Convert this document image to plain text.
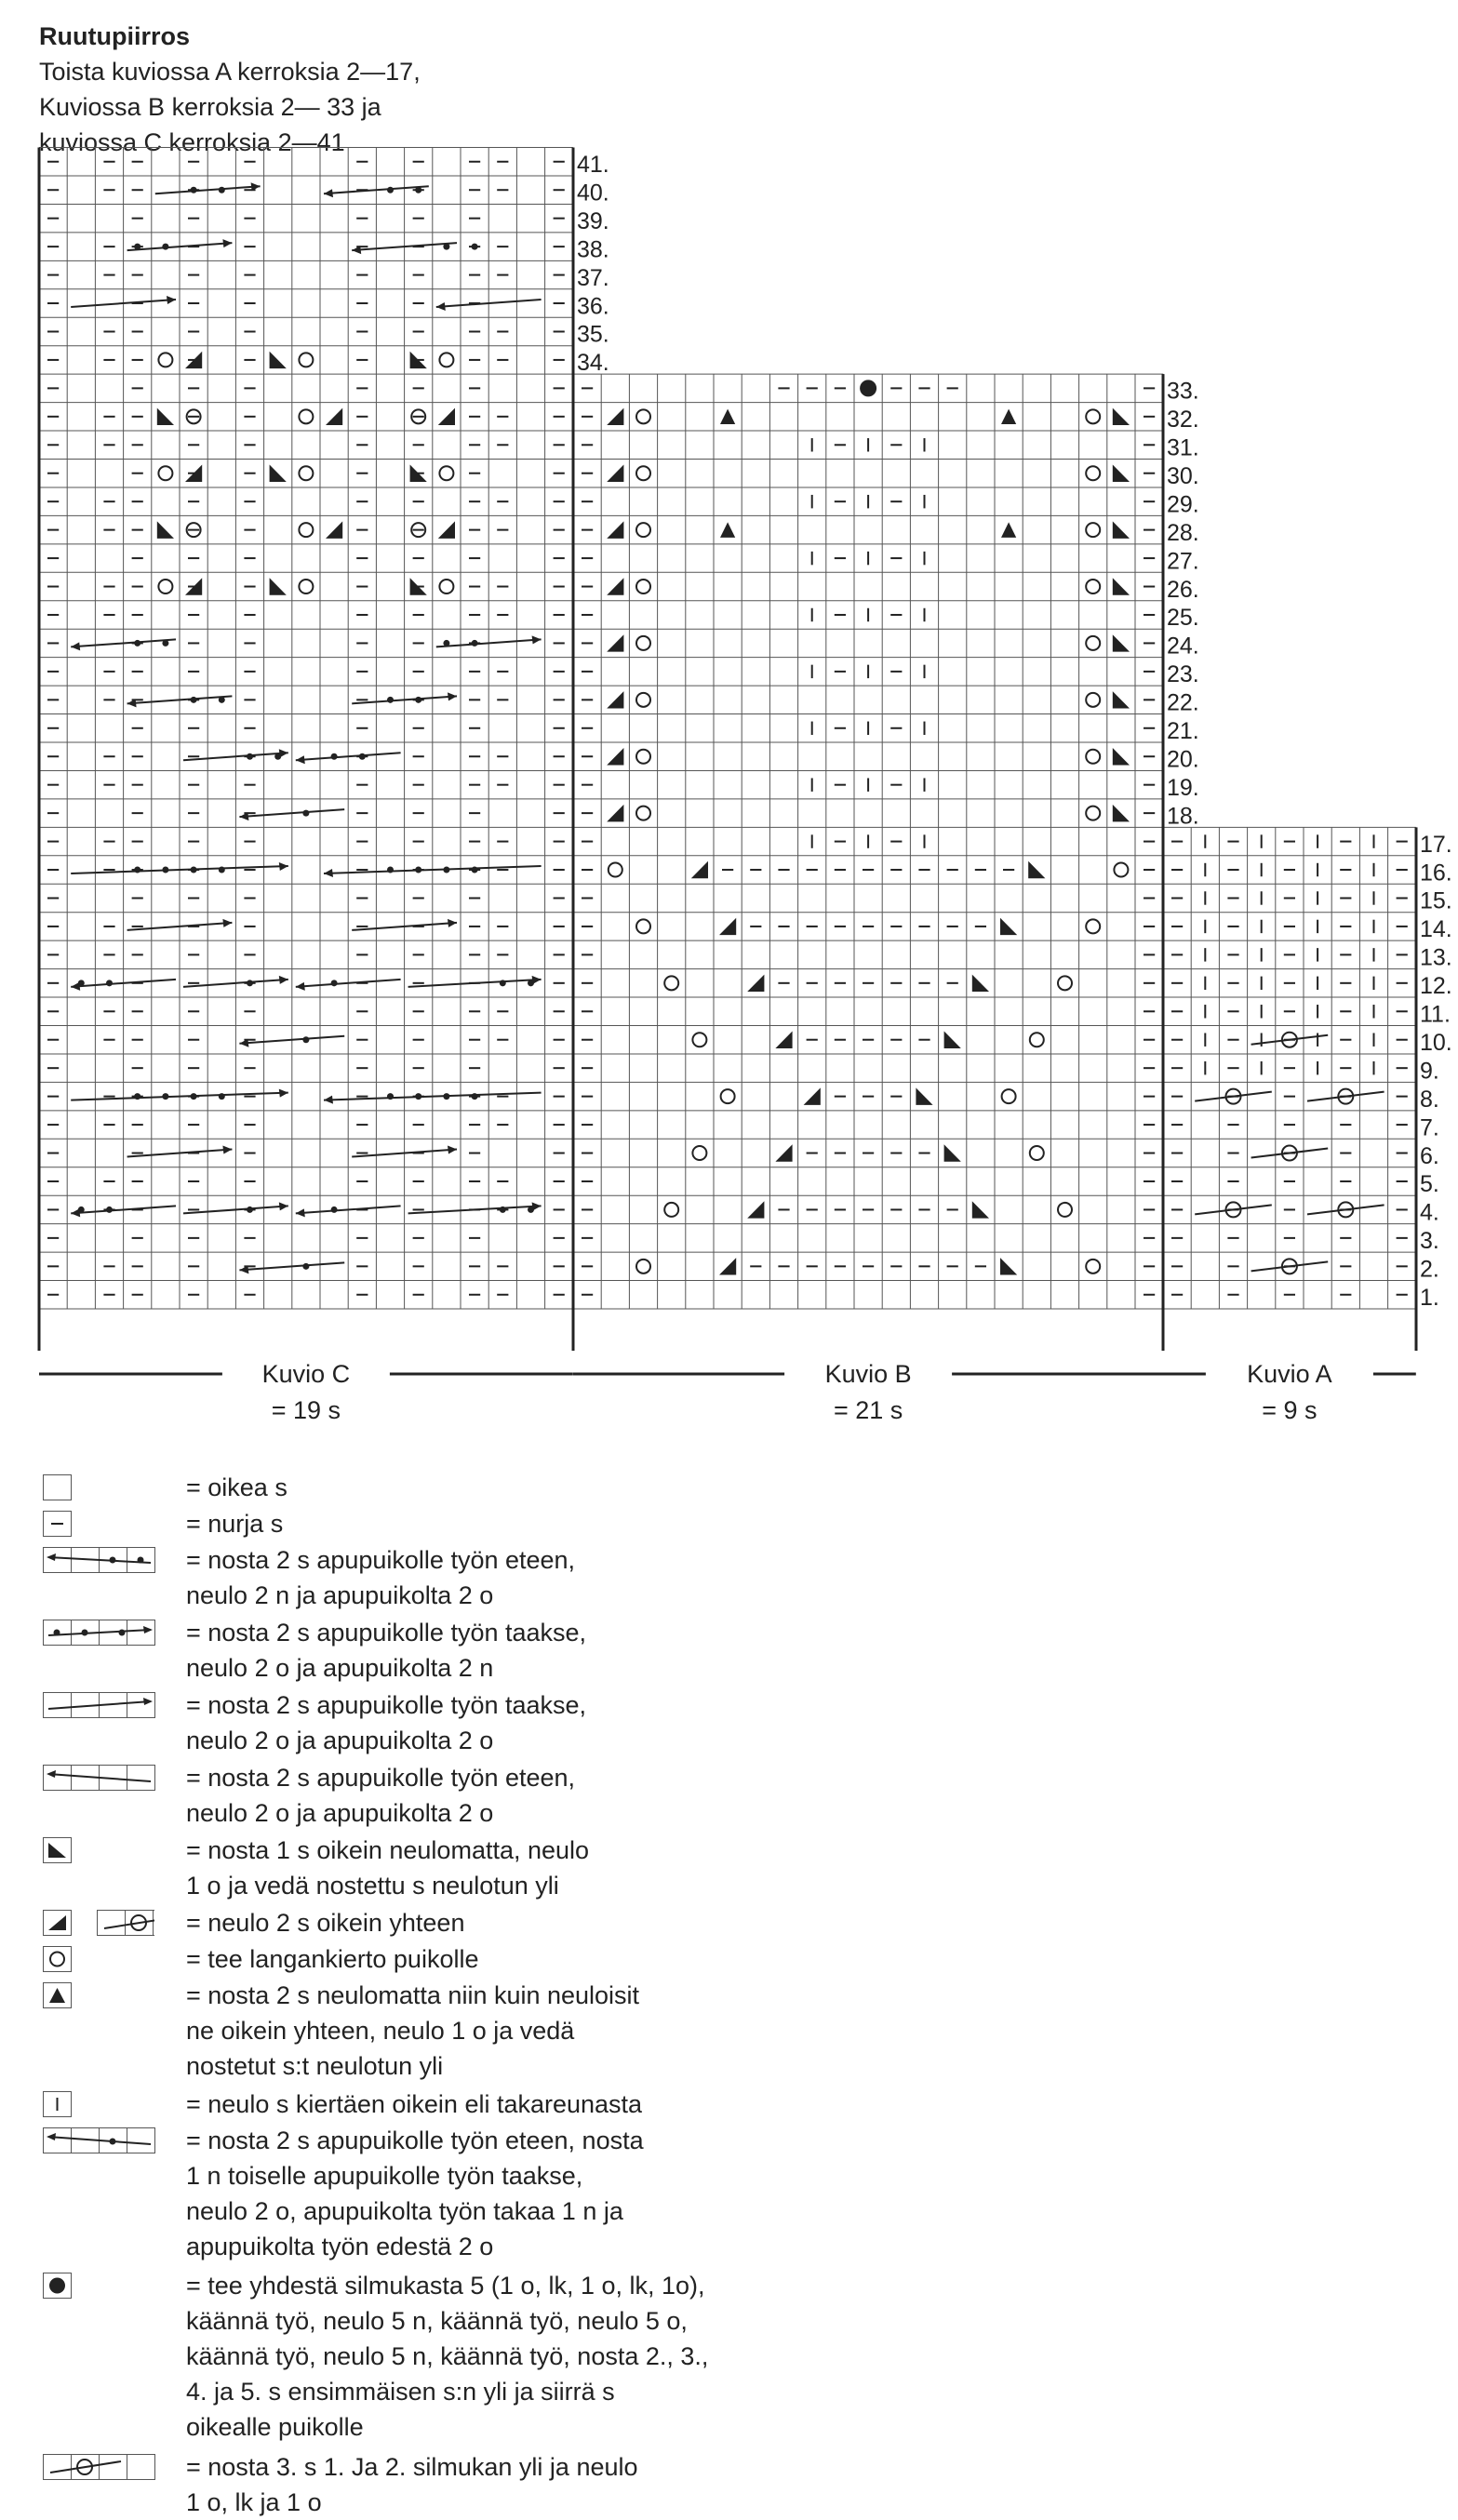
Ruutupiirros
Toista kuviossa A kerroksia 2—17,
Kuviossa B kerroksia 2— 33 ja
kuviossa C kerroksia 2—41
1.
2.
3.
4.
5.
6.
7.
8.
9.
10.
11.
12.
13.
14.
15.
16.
17.
18.
19.
20.
21.
22.
23.
24.
25.
26.
27.
28.
29.
30.
31.
32.
33.
34.
35.
36.
37.
38.
39.
40.
41.
Kuvio C
= 19 s
Kuvio B
= 21 s
Kuvio A
= 9 s
= oikea s
= nurja s
= nosta 2 s apupuikolle työn eteen,
neulo 2 n ja apupuikolta 2 o
= nosta 2 s apupuikolle työn taakse,
neulo 2 o ja apupuikolta 2 n
= nosta 2 s apupuikolle työn taakse,
neulo 2 o ja apupuikolta 2 o
= nosta 2 s apupuikolle työn eteen,
neulo 2 o ja apupuikolta 2 o
= nosta 1 s oikein neulomatta, neulo
1 o ja vedä nostettu s neulotun yli
= neulo 2 s oikein yhteen
= tee langankierto puikolle
= nosta 2 s neulomatta niin kuin neuloisit
ne oikein yhteen, neulo 1 o ja vedä
nostetut s:t neulotun yli
= neulo s kiertäen oikein eli takareunasta
= nosta 2 s apupuikolle työn eteen, nosta
1 n toiselle apupuikolle työn taakse,
neulo 2 o, apupuikolta työn takaa 1 n ja
apupuikolta työn edestä 2 o
= tee yhdestä silmukasta 5 (1 o, lk, 1 o, lk, 1o),
käännä työ, neulo 5 n, käännä työ, neulo 5 o,
käännä työ, neulo 5 n, käännä työ, nosta 2., 3.,
4. ja 5. s ensimmäisen s:n yli ja siirrä s
oikealle puikolle
= nosta 3. s 1. Ja 2. silmukan yli ja neulo
1 o, lk ja 1 o
